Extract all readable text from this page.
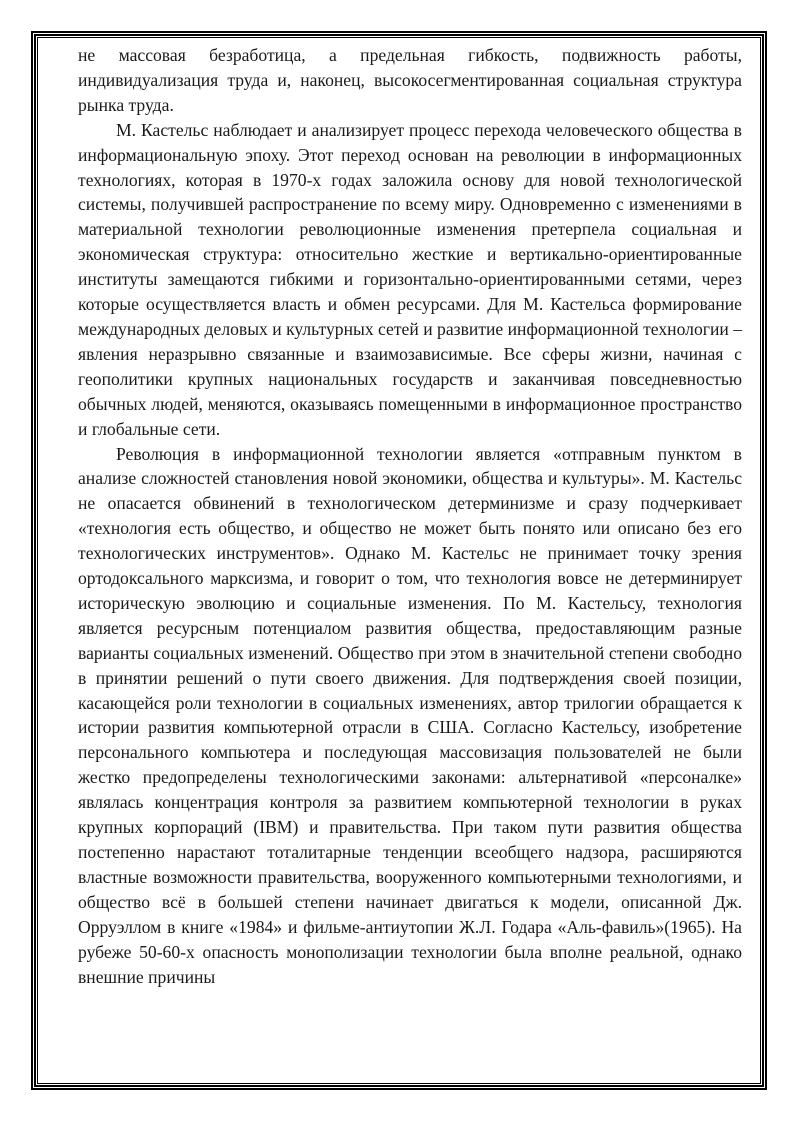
не массовая безработица, а предельная гибкость, подвижность работы, индивидуализация труда и, наконец, высокосегментированная социальная структура рынка труда.

М. Кастельс наблюдает и анализирует процесс перехода человеческого общества в информациональную эпоху. Этот переход основан на революции в информационных технологиях, которая в 1970-х годах заложила основу для новой технологической системы, получившей распространение по всему миру. Одновременно с изменениями в материальной технологии революционные изменения претерпела социальная и экономическая структура: относительно жесткие и вертикально-ориентированные институты замещаются гибкими и горизонтально-ориентированными сетями, через которые осуществляется власть и обмен ресурсами. Для М. Кастельса формирование международных деловых и культурных сетей и развитие информационной технологии – явления неразрывно связанные и взаимозависимые. Все сферы жизни, начиная с геополитики крупных национальных государств и заканчивая повседневностью обычных людей, меняются, оказываясь помещенными в информационное пространство и глобальные сети.

Революция в информационной технологии является «отправным пунктом в анализе сложностей становления новой экономики, общества и культуры». М. Кастельс не опасается обвинений в технологическом детерминизме и сразу подчеркивает «технология есть общество, и общество не может быть понято или описано без его технологических инструментов». Однако М. Кастельс не принимает точку зрения ортодоксального марксизма, и говорит о том, что технология вовсе не детерминирует историческую эволюцию и социальные изменения. По М. Кастельсу, технология является ресурсным потенциалом развития общества, предоставляющим разные варианты социальных изменений. Общество при этом в значительной степени свободно в принятии решений о пути своего движения. Для подтверждения своей позиции, касающейся роли технологии в социальных изменениях, автор трилогии обращается к истории развития компьютерной отрасли в США. Согласно Кастельсу, изобретение персонального компьютера и последующая массовизация пользователей не были жестко предопределены технологическими законами: альтернативой «персоналке» являлась концентрация контроля за развитием компьютерной технологии в руках крупных корпораций (IBM) и правительства. При таком пути развития общества постепенно нарастают тоталитарные тенденции всеобщего надзора, расширяются властные возможности правительства, вооруженного компьютерными технологиями, и общество всё в большей степени начинает двигаться к модели, описанной Дж. Орруэллом в книге «1984» и фильме-антиутопии Ж.Л. Годара «Аль-фавиль»(1965). На рубеже 50-60-х опасность монополизации технологии была вполне реальной, однако внешние причины
